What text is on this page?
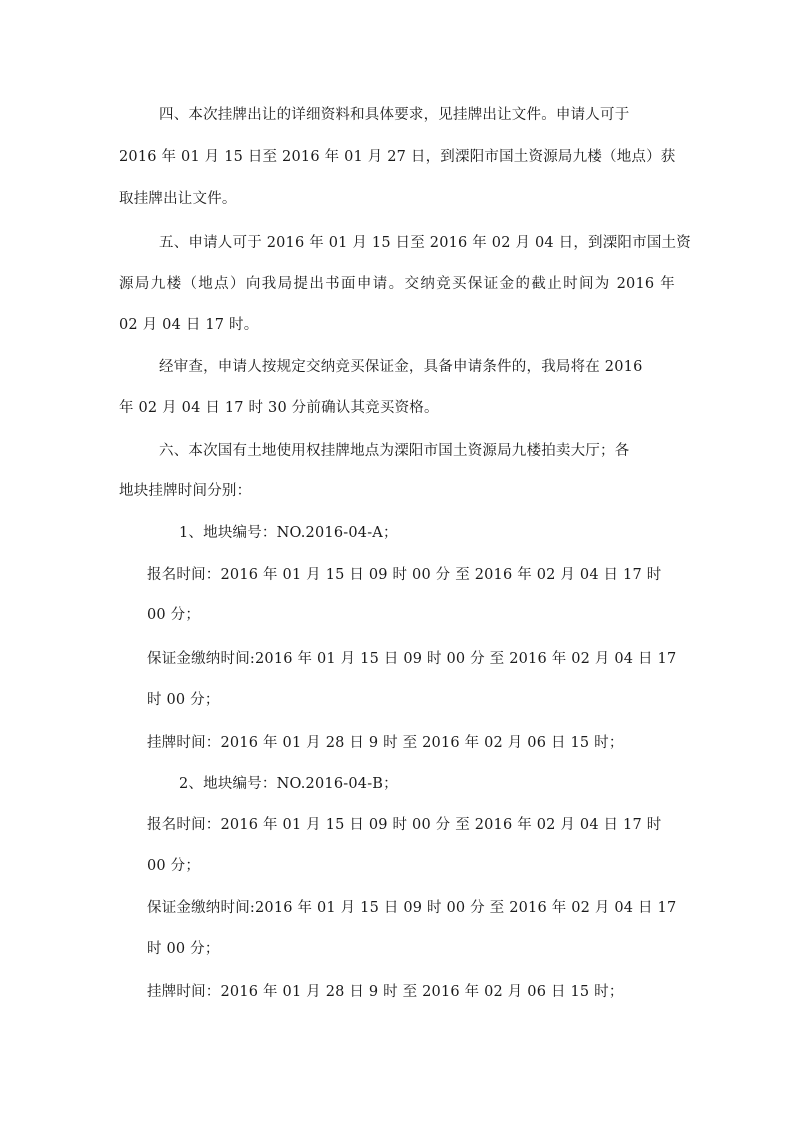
四、本次挂牌出让的详细资料和具体要求，见挂牌出让文件。申请人可于
2016 年 01 月 15 日至 2016 年 01 月 27 日，到溧阳市国土资源局九楼（地点）获
取挂牌出让文件。
五、申请人可于 2016 年 01 月 15 日至 2016 年 02 月 04 日，到溧阳市国土资
源局九楼（地点）向我局提出书面申请。交纳竞买保证金的截止时间为 2016 年
02 月 04 日 17 时。
经审查，申请人按规定交纳竞买保证金，具备申请条件的，我局将在 2016
年 02 月 04 日 17 时 30 分前确认其竞买资格。
六、本次国有土地使用权挂牌地点为溧阳市国土资源局九楼拍卖大厅；各
地块挂牌时间分别：
1、地块编号：NO.2016-04-A；
报名时间：2016 年 01 月 15 日 09 时 00 分 至 2016 年 02 月 04 日 17 时
00 分；
保证金缴纳时间:2016 年 01 月 15 日 09 时 00 分 至 2016 年 02 月 04 日 17
时 00 分；
挂牌时间：2016 年 01 月 28 日 9 时 至 2016 年 02 月 06 日 15 时；
2、地块编号：NO.2016-04-B；
报名时间：2016 年 01 月 15 日 09 时 00 分 至 2016 年 02 月 04 日 17 时
00 分；
保证金缴纳时间:2016 年 01 月 15 日 09 时 00 分 至 2016 年 02 月 04 日 17
时 00 分；
挂牌时间：2016 年 01 月 28 日 9 时 至 2016 年 02 月 06 日 15 时；
